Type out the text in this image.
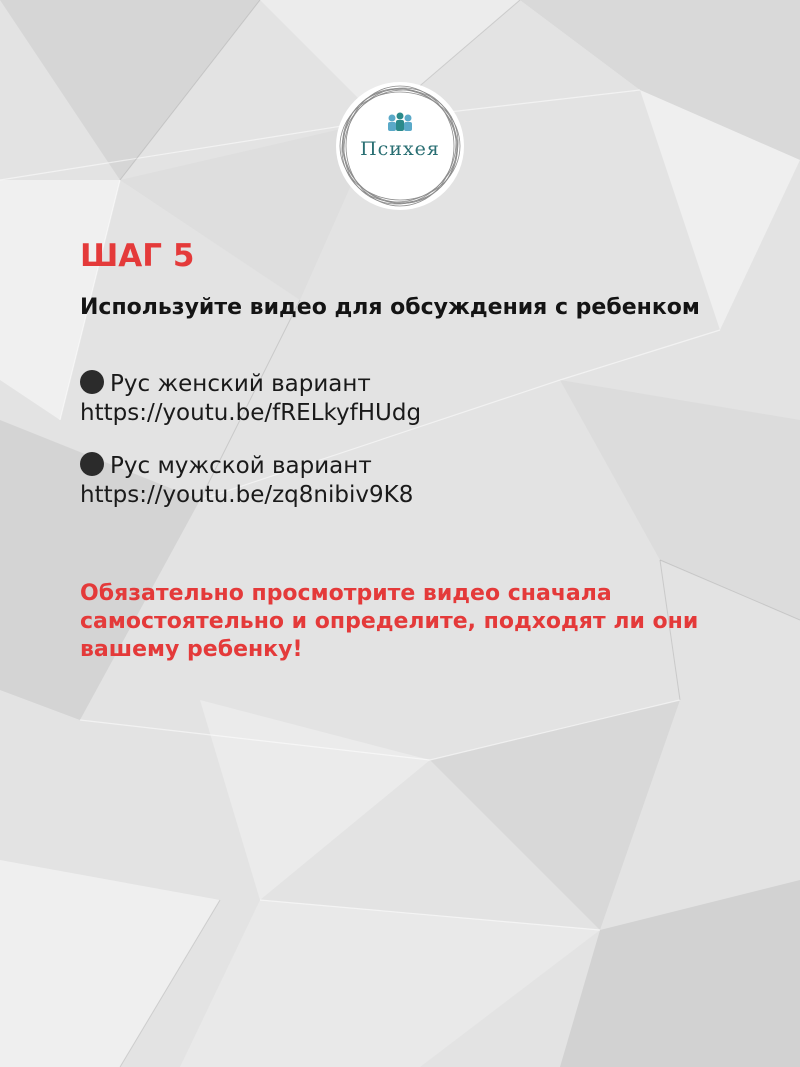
Психея
ШАГ 5
Используйте видео для обсуждения с ребенком
Рус женский вариант
https://youtu.be/fRELkyfHUdg
Рус мужской вариант
https://youtu.be/zq8nibiv9K8

Обязательно просмотрите видео сначала самостоятельно и определите, подходят ли они вашему ребенку!
